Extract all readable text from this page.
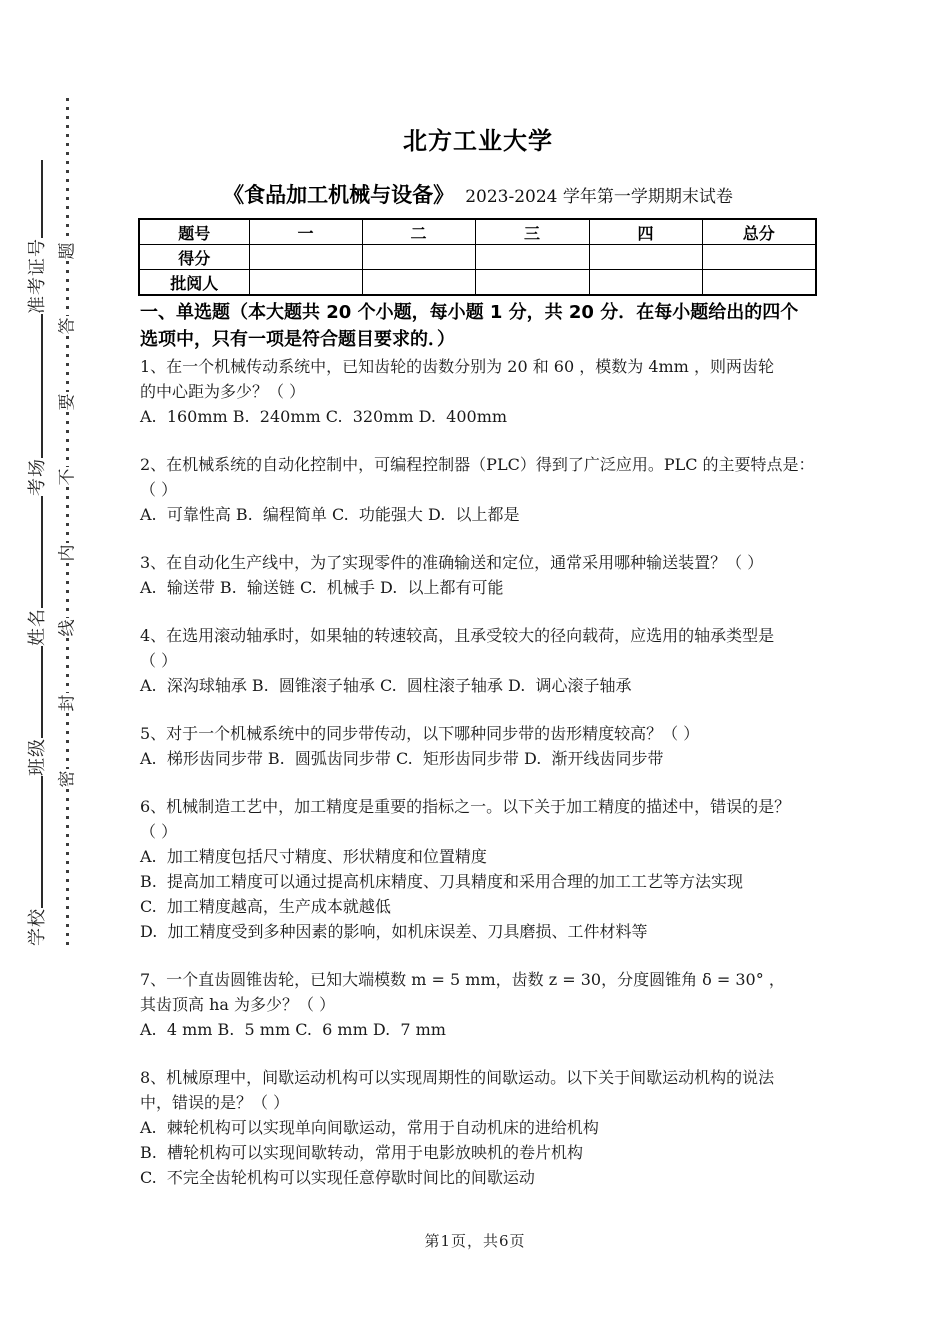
学校班级姓名考场准考证号 题
答
要
不
内
线
封
密
北方工业大学
《食品加工机械与设备》 2023-2024 学年第一学期期末试卷
题号	一	二	三	四	总分
得分					
批阅人					
一、单选题（本大题共 20 个小题，每小题 1 分，共 20 分．在每小题给出的四个
选项中，只有一项是符合题目要求的．）
1、在一个机械传动系统中，已知齿轮的齿数分别为 20 和 60 ，模数为 4mm ，则两齿轮
的中心距为多少？（ ）
A.  160mm B.  240mm C.  320mm D.  400mm
2、在机械系统的自动化控制中，可编程控制器（PLC）得到了广泛应用。PLC 的主要特点是：
（ ）
A.  可靠性高 B.  编程简单 C.  功能强大 D.  以上都是
3、在自动化生产线中，为了实现零件的准确输送和定位，通常采用哪种输送装置？（ ）
A.  输送带 B.  输送链 C.  机械手 D.  以上都有可能
4、在选用滚动轴承时，如果轴的转速较高，且承受较大的径向载荷，应选用的轴承类型是
（ ）
A.  深沟球轴承 B.  圆锥滚子轴承 C.  圆柱滚子轴承 D.  调心滚子轴承
5、对于一个机械系统中的同步带传动，以下哪种同步带的齿形精度较高？（ ）
A.  梯形齿同步带 B.  圆弧齿同步带 C.  矩形齿同步带 D.  渐开线齿同步带
6、机械制造工艺中，加工精度是重要的指标之一。以下关于加工精度的描述中，错误的是？
（ ）
A.  加工精度包括尺寸精度、形状精度和位置精度
B.  提高加工精度可以通过提高机床精度、刀具精度和采用合理的加工工艺等方法实现
C.  加工精度越高，生产成本就越低
D.  加工精度受到多种因素的影响，如机床误差、刀具磨损、工件材料等
7、一个直齿圆锥齿轮，已知大端模数 m = 5 mm，齿数 z = 30，分度圆锥角 δ = 30° ，
其齿顶高 ha 为多少？（ ）
A.  4 mm B.  5 mm C.  6 mm D.  7 mm
8、机械原理中，间歇运动机构可以实现周期性的间歇运动。以下关于间歇运动机构的说法
中，错误的是？（ ）
A.  棘轮机构可以实现单向间歇运动，常用于自动机床的进给机构
B.  槽轮机构可以实现间歇转动，常用于电影放映机的卷片机构
C.  不完全齿轮机构可以实现任意停歇时间比的间歇运动
第1页，共6页
